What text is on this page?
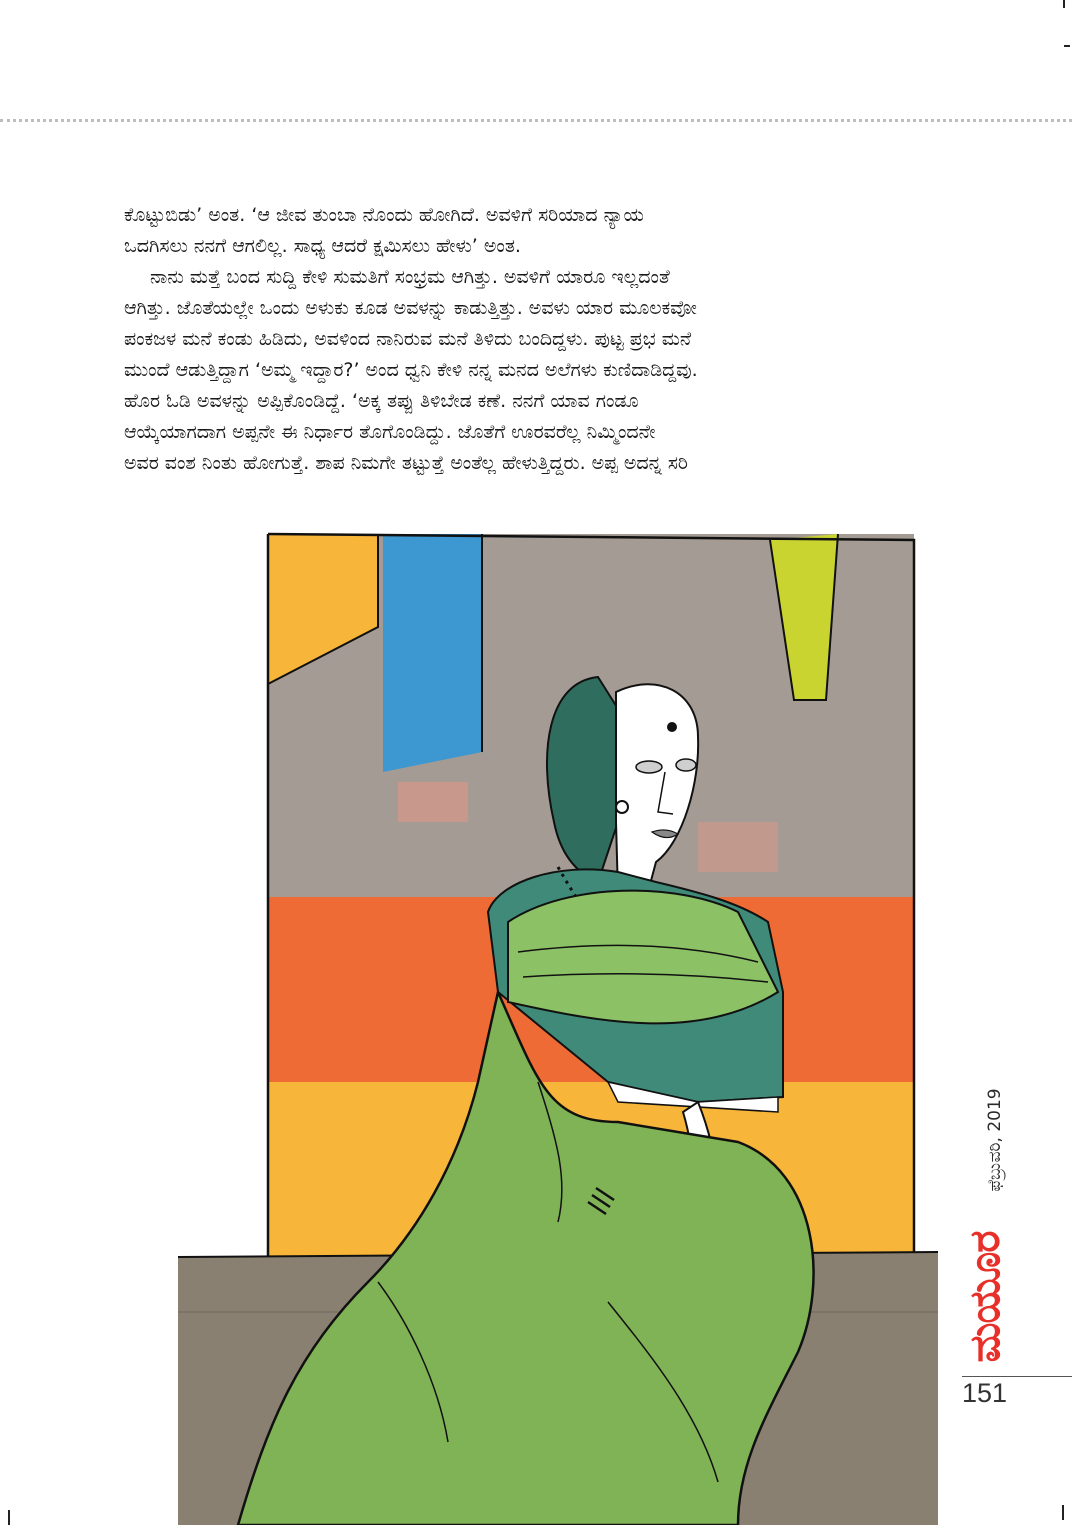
ಕೊಟ್ಟುಬಿಡು’ ಅಂತ. ‘ಆ ಜೀವ ತುಂಬಾ ನೊಂದು ಹೋಗಿದೆ. ಅವಳಿಗೆ ಸರಿಯಾದ ನ್ಯಾಯ

ಒದಗಿಸಲು ನನಗೆ ಆಗಲಿಲ್ಲ. ಸಾಧ್ಯ ಆದರೆ ಕ್ಷಮಿಸಲು ಹೇಳು’ ಅಂತ.

ನಾನು ಮತ್ತೆ ಬಂದ ಸುದ್ದಿ ಕೇಳಿ ಸುಮತಿಗೆ ಸಂಭ್ರಮ ಆಗಿತ್ತು. ಅವಳಿಗೆ ಯಾರೂ ಇಲ್ಲದಂತೆ

ಆಗಿತ್ತು. ಜೊತೆಯಲ್ಲೇ ಒಂದು ಅಳುಕು ಕೂಡ ಅವಳನ್ನು ಕಾಡುತ್ತಿತ್ತು. ಅವಳು ಯಾರ ಮೂಲಕವೋ

ಪಂಕಜಳ ಮನೆ ಕಂಡು ಹಿಡಿದು, ಅವಳಿಂದ ನಾನಿರುವ ಮನೆ ತಿಳಿದು ಬಂದಿದ್ದಳು. ಪುಟ್ಟ ಪ್ರಭ ಮನೆ

ಮುಂದೆ ಆಡುತ್ತಿದ್ದಾಗ ‘ಅಮ್ಮ ಇದ್ದಾರ?’ ಅಂದ ಧ್ವನಿ ಕೇಳಿ ನನ್ನ ಮನದ ಅಲೆಗಳು ಕುಣಿದಾಡಿದ್ದವು.

ಹೊರ ಓಡಿ ಅವಳನ್ನು ಅಪ್ಪಿಕೊಂಡಿದ್ದೆ. ‘ಅಕ್ಕ ತಪ್ಪು ತಿಳಿಬೇಡ ಕಣೆ. ನನಗೆ ಯಾವ ಗಂಡೂ

ಆಯ್ಕೆಯಾಗದಾಗ ಅಪ್ಪನೇ ಈ ನಿರ್ಧಾರ ತೊಗೊಂಡಿದ್ದು. ಜೊತೆಗೆ ಊರವರೆಲ್ಲ ನಿಮ್ಮಿಂದನೇ

ಅವರ ವಂಶ ನಿಂತು ಹೋಗುತ್ತೆ. ಶಾಪ ನಿಮಗೇ ತಟ್ಟುತ್ತೆ ಅಂತೆಲ್ಲ ಹೇಳುತ್ತಿದ್ದರು. ಅಪ್ಪ ಅದನ್ನ ಸರಿ

ಫೆಬ್ರುವರಿ, 2019
ಮಯೂರ
151
